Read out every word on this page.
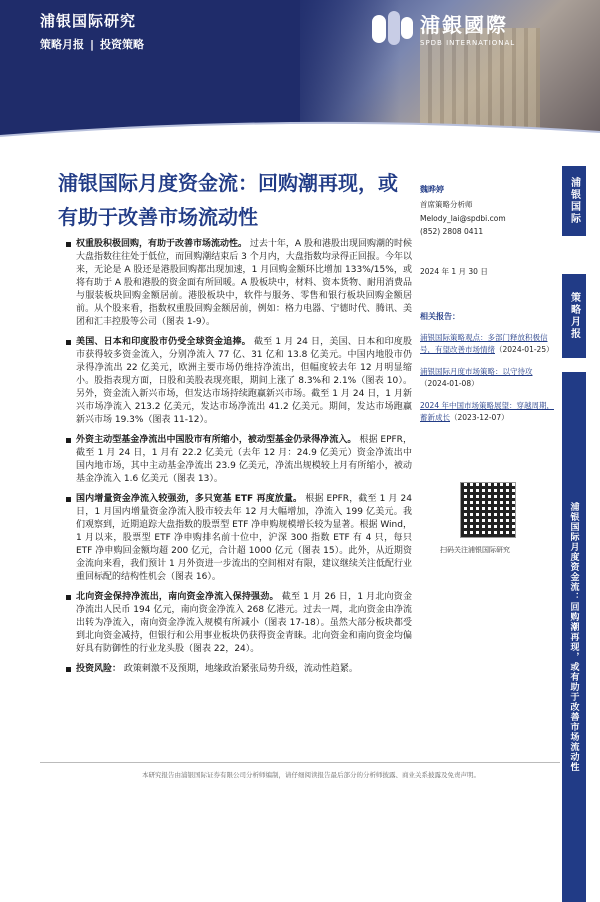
浦银国际研究
策略月报 | 投资策略
浦銀國際
SPDB INTERNATIONAL
浦银国际月度资金流：回购潮再现，或有助于改善市场流动性
权重股积极回购，有助于改善市场流动性。 过去十年，A 股和港股出现回购潮的时候大盘指数往往处于低位，而回购潮结束后 3 个月内，大盘指数均录得正回报。今年以来，无论是 A 股还是港股回购都出现加速，1 月回购金额环比增加 133%/15%，或将有助于 A 股和港股的资金面有所回暖。A 股板块中，材料、资本货物、耐用消费品与服装板块回购金额居前。港股板块中，软件与服务、零售和银行板块回购金额居前。从个股来看，指数权重股回购金额居前，例如：格力电器、宁德时代、腾讯、美团和汇丰控股等公司（图表 1-9）。
美国、日本和印度股市仍受全球资金追捧。 截至 1 月 24 日，美国、日本和印度股市获得较多资金流入，分别净流入 77 亿、31 亿和 13.8 亿美元。中国内地股市仍录得净流出 22 亿美元，欧洲主要市场仍维持净流出，但幅度较去年 12 月明显缩小。股指表现方面，日股和美股表现亮眼，期间上涨了 8.3%和 2.1%（图表 10）。另外，资金流入新兴市场，但发达市场持续跑赢新兴市场。截至 1 月 24 日，1 月新兴市场净流入 213.2 亿美元，发达市场净流出 41.2 亿美元。期间，发达市场跑赢新兴市场 19.3%（图表 11-12）。
外资主动型基金净流出中国股市有所缩小，被动型基金仍录得净流入。 根据 EPFR，截至 1 月 24 日，1 月有 22.2 亿美元（去年 12 月：24.9 亿美元）资金净流出中国内地市场，其中主动基金净流出 23.9 亿美元，净流出规模较上月有所缩小，被动基金净流入 1.6 亿美元（图表 13）。
国内增量资金净流入较强劲，多只宽基 ETF 再度放量。 根据 EPFR，截至 1 月 24 日，1 月国内增量资金净流入股市较去年 12 月大幅增加，净流入 199 亿美元。我们观察到，近期追踪大盘指数的股票型 ETF 净申购规模增长较为显著。根据 Wind，1 月以来，股票型 ETF 净申购排名前十位中，沪深 300 指数 ETF 有 4 只，每只 ETF 净申购回金额均超 200 亿元，合计超 1000 亿元（图表 15）。此外，从近期资金流向来看，我们预计 1 月外资进一步流出的空间相对有限，建议继续关注低配行业重回标配的结构性机会（图表 16）。
北向资金保持净流出，南向资金净流入保持强劲。 截至 1 月 26 日，1 月北向资金净流出人民币 194 亿元，南向资金净流入 268 亿港元。过去一周，北向资金由净流出转为净流入，南向资金净流入规模有所减小（图表 17-18）。虽然大部分板块都受到北向资金减持，但银行和公用事业板块仍获得资金青睐。北向资金和南向资金均偏好具有防御性的行业龙头股（图表 22，24）。
投资风险： 政策刺激不及预期，地缘政治紧张局势升级，流动性趋紧。
魏晔婷
首席策略分析师
Melody_lai@spdbi.com
(852) 2808 0411
2024 年 1 月 30 日
相关报告：
浦银国际策略观点：多部门释放积极信号，有望改善市场情绪（2024-01-25）
浦银国际月度市场策略：以守待攻（2024-01-08）
2024 年中国市场策略展望：穿越周期，蓄新成长（2023-12-07）
扫码关注浦银国际研究
浦银国际
策略月报
浦银国际月度资金流：回购潮再现，或有助于改善市场流动性
本研究报告由浦银国际证券有限公司分析师编制，请仔细阅读报告最后部分的分析师披露、商业关系披露及免责声明。
